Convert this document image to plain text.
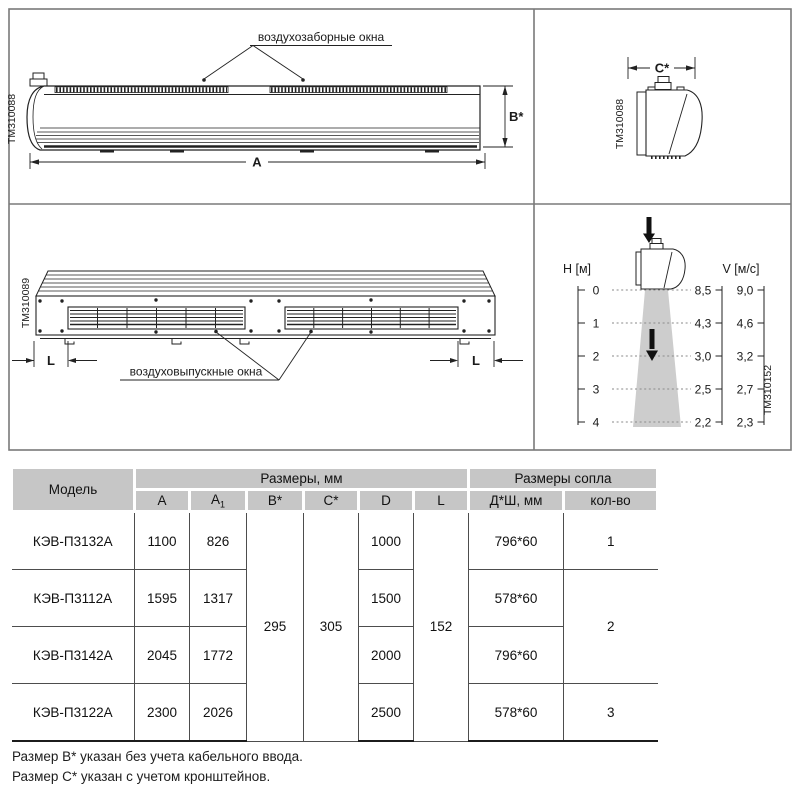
A
B*
воздухозаборные окна
ТМ310088
C*
ТМ310088
L	L
воздуховыпускные окна
ТМ310089
H [м]	V [м/с]
0
1
2
3
4
8,5
4,3
3,0
2,5
2,2
9,0
4,6
3,2
2,7
2,3
ТМ310152
Модель	Размеры, мм						Размеры сопла	
	A	$A_1$	B*	C*	D	L	Д*Ш, мм	кол-во
КЭВ-П3132А	1100	826	295	305	1000	152	796*60	1
КЭВ-П3112А	1595	1317			1500		578*60	2
КЭВ-П3142А	2045	1772			2000		796*60	
КЭВ-П3122А	2300	2026			2500		578*60	3
Размер B* указан без учета кабельного ввода.
Размер C* указан с учетом кронштейнов.
